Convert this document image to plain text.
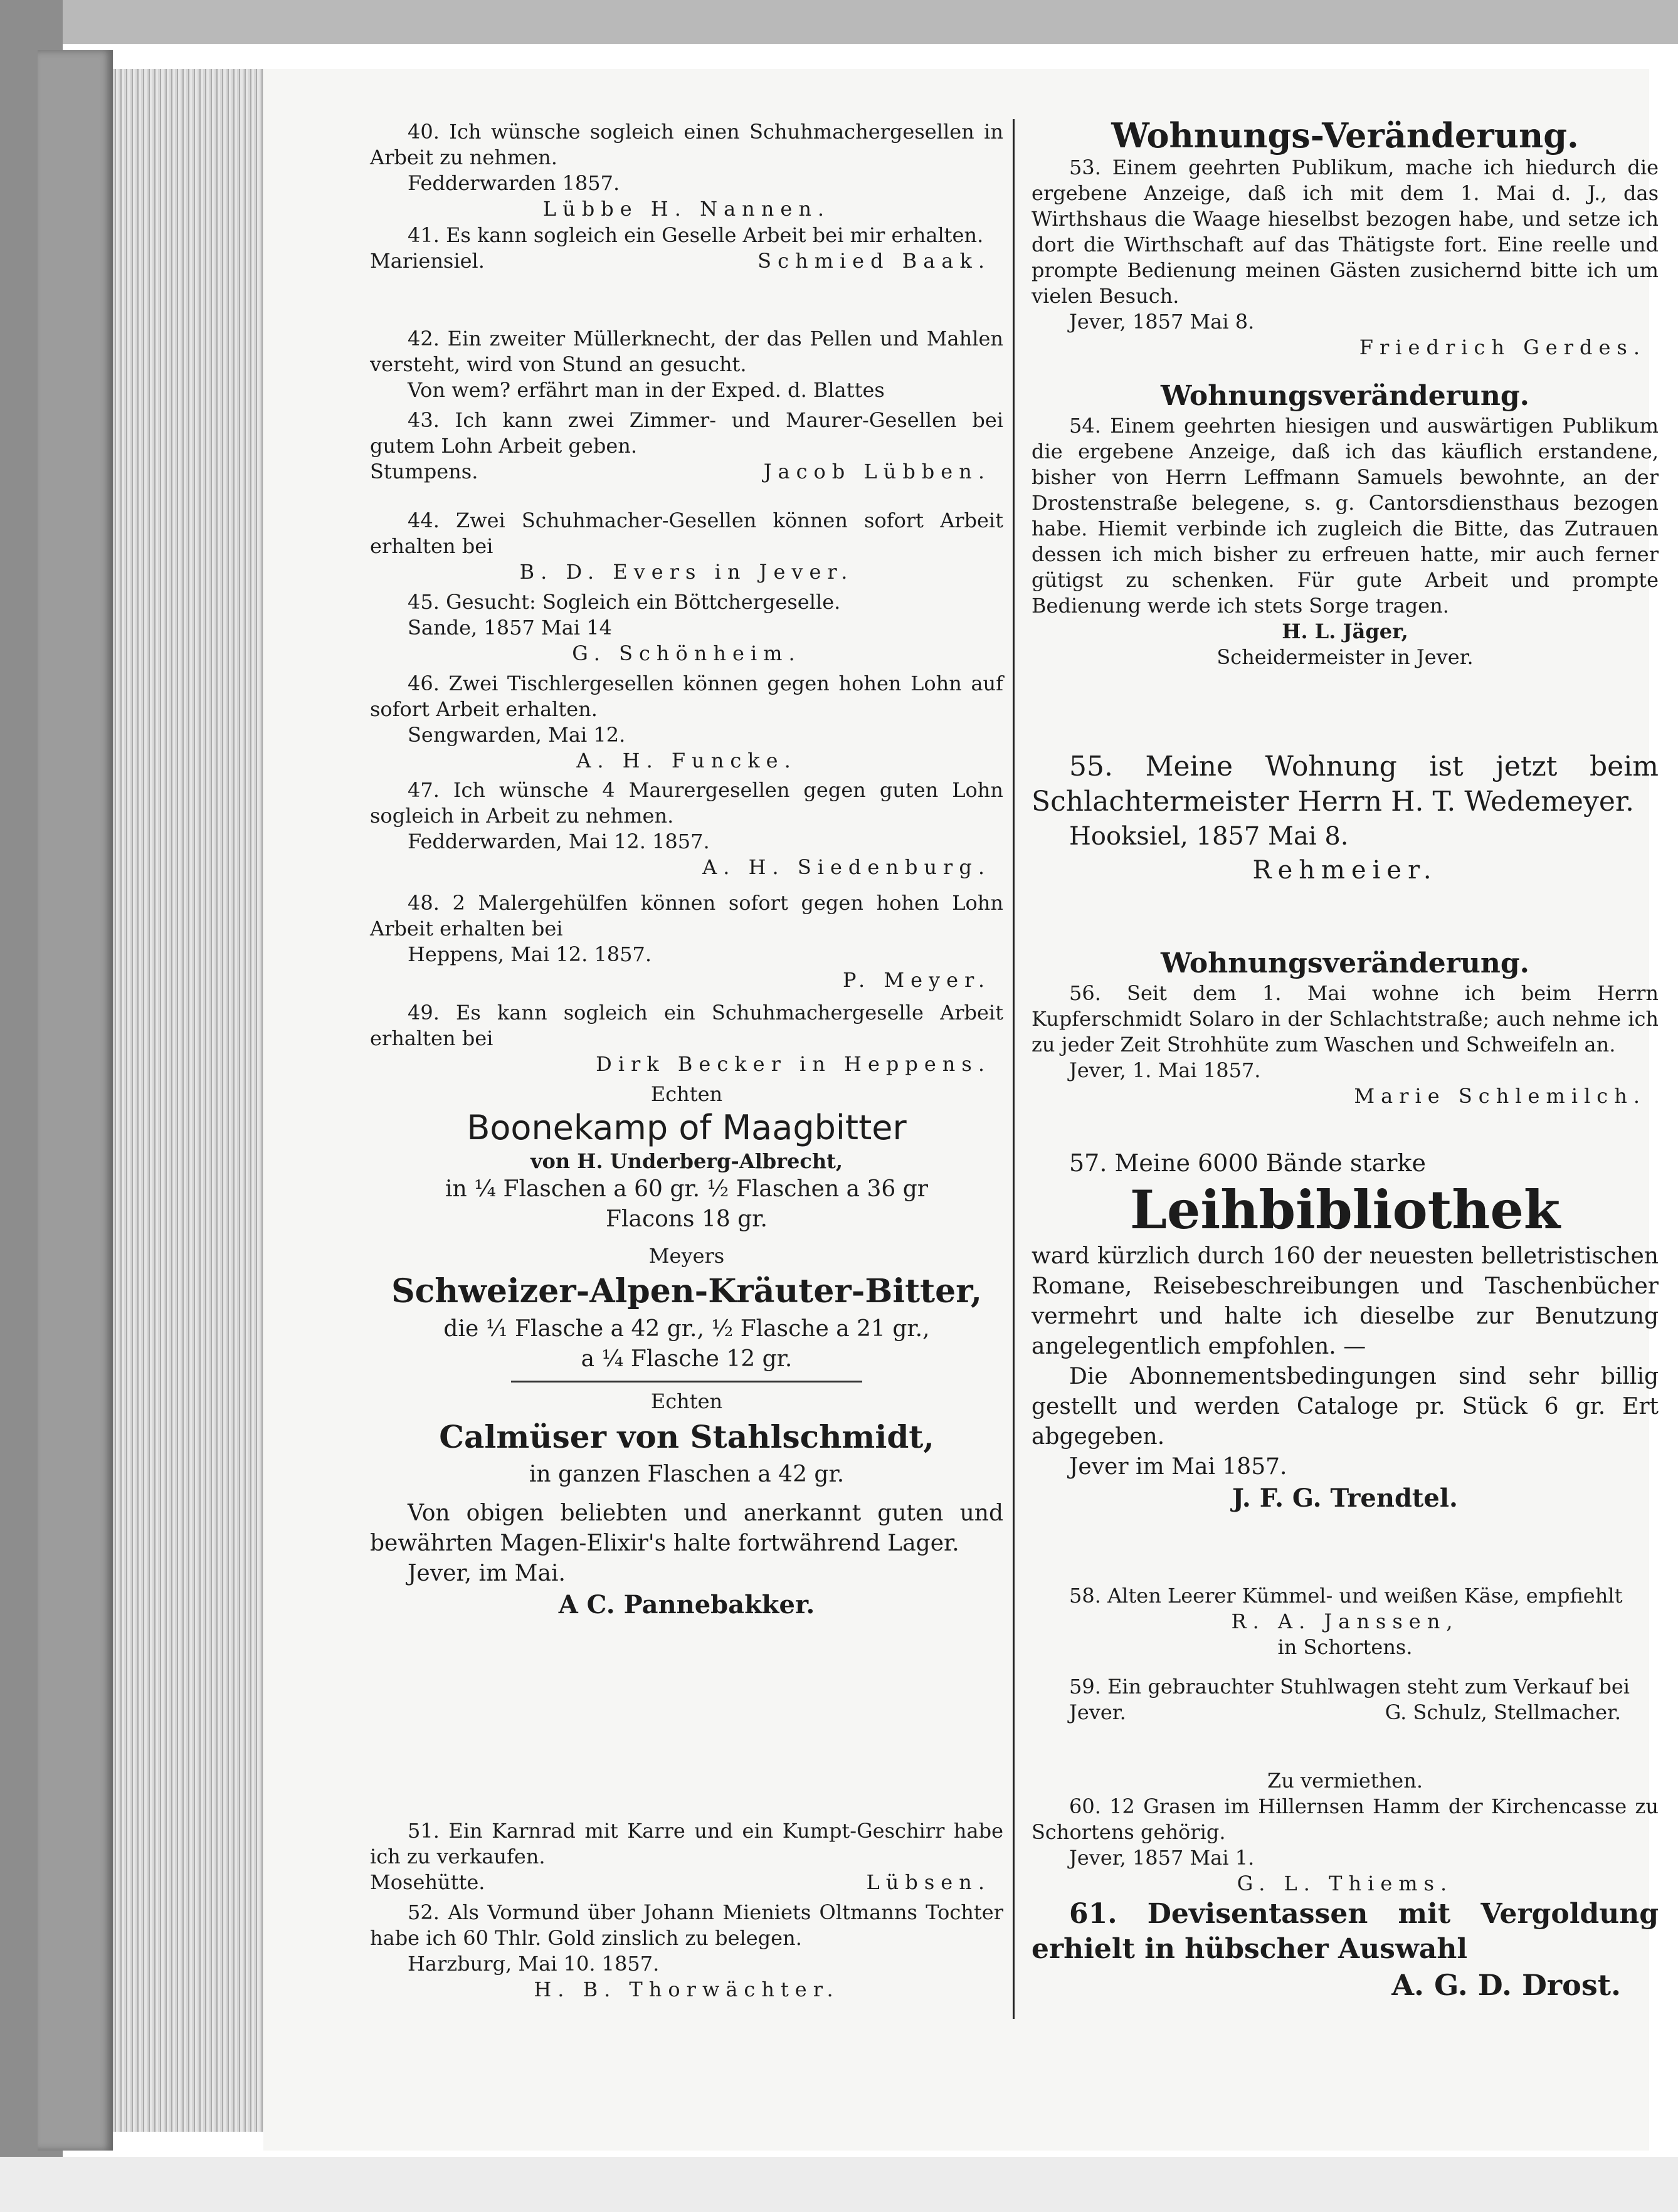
40. Ich wünsche sogleich einen Schuhmachergesellen in Arbeit zu nehmen.

Fedderwarden 1857.

Lübbe H. Nannen.

41. Es kann sogleich ein Geselle Arbeit bei mir erhalten.

Mariensiel.	Schmied Baak.

42. Ein zweiter Müllerknecht, der das Pellen und Mahlen versteht, wird von Stund an gesucht.

Von wem? erfährt man in der Exped. d. Blattes

43. Ich kann zwei Zimmer- und Maurer-Gesellen bei gutem Lohn Arbeit geben.

Stumpens.	Jacob Lübben.

44. Zwei Schuhmacher-Gesellen können sofort Arbeit erhalten bei

B. D. Evers in Jever.

45. Gesucht: Sogleich ein Böttchergeselle.

Sande, 1857 Mai 14

G. Schönheim.

46. Zwei Tischlergesellen können gegen hohen Lohn auf sofort Arbeit erhalten.

Sengwarden, Mai 12.

A. H. Funcke.

47. Ich wünsche 4 Maurergesellen gegen guten Lohn sogleich in Arbeit zu nehmen.

Fedderwarden, Mai 12. 1857.

A. H. Siedenburg.

48. 2 Malergehülfen können sofort gegen hohen Lohn Arbeit erhalten bei

Heppens, Mai 12. 1857.

P. Meyer.

49. Es kann sogleich ein Schuhmachergeselle Arbeit erhalten bei

Dirk Becker in Heppens.

Echten

Boonekamp of Maagbitter

von H. Underberg-Albrecht,

in ¼ Flaschen a 60 gr. ½ Flaschen a 36 gr

Flacons 18 gr.

Meyers

Schweizer-Alpen-Kräuter-Bitter,

die ⅟₁ Flasche a 42 gr., ½ Flasche a 21 gr.,

a ¼ Flasche 12 gr.

Echten

Calmüser von Stahlschmidt,

in ganzen Flaschen a 42 gr.

Von obigen beliebten und anerkannt guten und bewährten Magen-Elixir's halte fortwährend Lager.

Jever, im Mai.

A C. Pannebakker.

51. Ein Karnrad mit Karre und ein Kumpt-Geschirr habe ich zu verkaufen.

Mosehütte.	Lübsen.

52. Als Vormund über Johann Mieniets Oltmanns Tochter habe ich 60 Thlr. Gold zinslich zu belegen.

Harzburg, Mai 10. 1857.

H. B. Thorwächter.

Wohnungs-Veränderung.

53. Einem geehrten Publikum, mache ich hiedurch die ergebene Anzeige, daß ich mit dem 1. Mai d. J., das Wirthshaus die Waage hieselbst bezogen habe, und setze ich dort die Wirthschaft auf das Thätigste fort. Eine reelle und prompte Bedienung meinen Gästen zusichernd bitte ich um vielen Besuch.

Jever, 1857 Mai 8.

Friedrich Gerdes.

Wohnungsveränderung.

54. Einem geehrten hiesigen und auswärtigen Publikum die ergebene Anzeige, daß ich das käuflich erstandene, bisher von Herrn Leffmann Samuels bewohnte, an der Drostenstraße belegene, s. g. Cantorsdiensthaus bezogen habe. Hiemit verbinde ich zugleich die Bitte, das Zutrauen dessen ich mich bisher zu erfreuen hatte, mir auch ferner gütigst zu schenken. Für gute Arbeit und prompte Bedienung werde ich stets Sorge tragen.

H. L. Jäger,

Scheidermeister in Jever.

55. Meine Wohnung ist jetzt beim Schlachtermeister Herrn H. T. Wedemeyer.

Hooksiel, 1857 Mai 8.

Rehmeier.

Wohnungsveränderung.

56. Seit dem 1. Mai wohne ich beim Herrn Kupferschmidt Solaro in der Schlachtstraße; auch nehme ich zu jeder Zeit Strohhüte zum Waschen und Schweifeln an.

Jever, 1. Mai 1857.

Marie Schlemilch.

57. Meine 6000 Bände starke

Leihbibliothek

ward kürzlich durch 160 der neuesten belletristischen Romane, Reisebeschreibungen und Taschenbücher vermehrt und halte ich dieselbe zur Benutzung angelegentlich empfohlen. —

Die Abonnementsbedingungen sind sehr billig gestellt und werden Cataloge pr. Stück 6 gr. Ert abgegeben.

Jever im Mai 1857.

J. F. G. Trendtel.

58. Alten Leerer Kümmel- und weißen Käse, empfiehlt

R. A. Janssen,

in Schortens.

59. Ein gebrauchter Stuhlwagen steht zum Verkauf bei

Jever.	G. Schulz, Stellmacher.

Zu vermiethen.

60. 12 Grasen im Hillernsen Hamm der Kirchencasse zu Schortens gehörig.

Jever, 1857 Mai 1.

G. L. Thiems.

61. Devisentassen mit Vergoldung erhielt in hübscher Auswahl

A. G. D. Drost.
